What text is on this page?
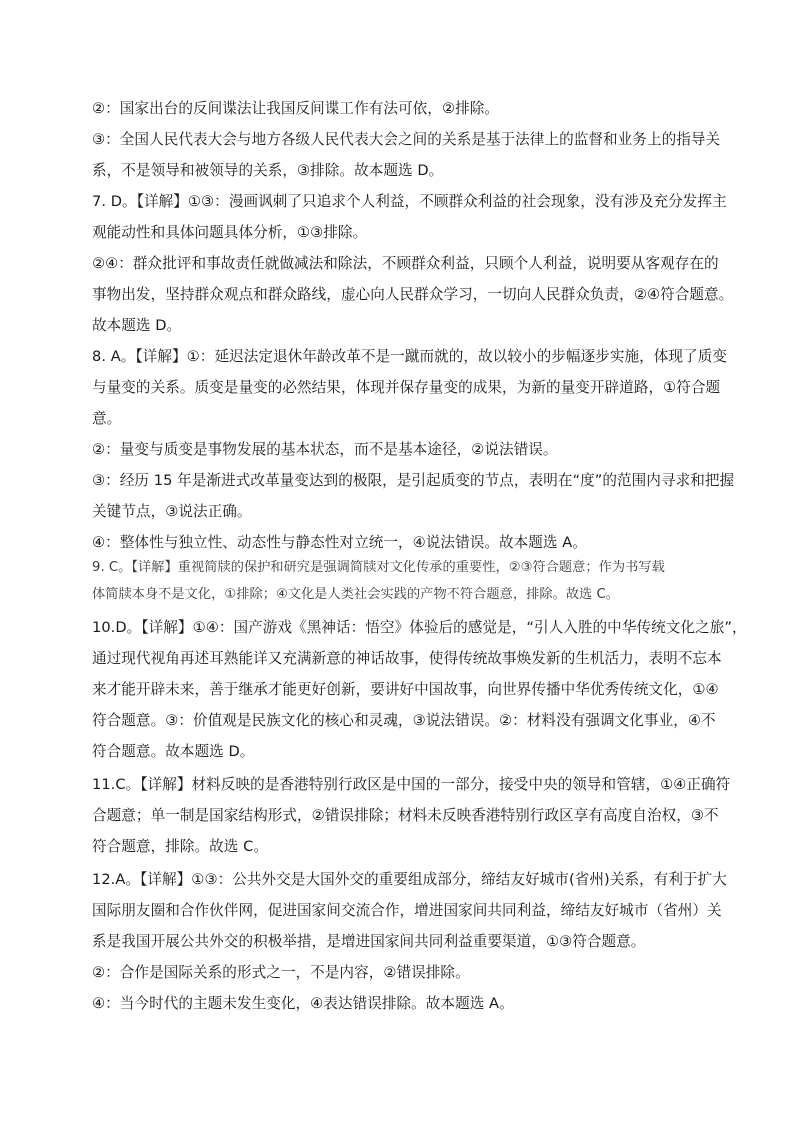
②：国家出台的反间谍法让我国反间谍工作有法可依，②排除。
③：全国人民代表大会与地方各级人民代表大会之间的关系是基于法律上的监督和业务上的指导关
系，不是领导和被领导的关系，③排除。故本题选 D。
7. D。【详解】①③：漫画讽刺了只追求个人利益，不顾群众利益的社会现象，没有涉及充分发挥主
观能动性和具体问题具体分析，①③排除。
②④：群众批评和事故责任就做减法和除法，不顾群众利益，只顾个人利益，说明要从客观存在的
事物出发，坚持群众观点和群众路线，虚心向人民群众学习，一切向人民群众负责，②④符合题意。
故本题选 D。
8. A。【详解】①：延迟法定退休年龄改革不是一蹴而就的，故以较小的步幅逐步实施，体现了质变
与量变的关系。质变是量变的必然结果，体现并保存量变的成果，为新的量变开辟道路，①符合题
意。
②：量变与质变是事物发展的基本状态，而不是基本途径，②说法错误。
③：经历 15 年是渐进式改革量变达到的极限，是引起质变的节点，表明在“度”的范围内寻求和把握
关键节点，③说法正确。
④：整体性与独立性、动态性与静态性对立统一，④说法错误。故本题选 A。
9. C。【详解】重视简牍的保护和研究是强调简牍对文化传承的重要性，②③符合题意；作为书写载
体简牍本身不是文化，①排除；④文化是人类社会实践的产物不符合题意，排除。故选 C。
10.D。【详解】①④：国产游戏《黑神话：悟空》体验后的感觉是，“引人入胜的中华传统文化之旅”，
通过现代视角再述耳熟能详又充满新意的神话故事，使得传统故事焕发新的生机活力，表明不忘本
来才能开辟未来，善于继承才能更好创新，要讲好中国故事，向世界传播中华优秀传统文化，①④
符合题意。③：价值观是民族文化的核心和灵魂，③说法错误。②：材料没有强调文化事业，④不
符合题意。故本题选 D。
11.C。【详解】材料反映的是香港特别行政区是中国的一部分，接受中央的领导和管辖，①④正确符
合题意；单一制是国家结构形式，②错误排除；材料未反映香港特别行政区享有高度自治权，③不
符合题意，排除。故选 C。
12.A。【详解】①③：公共外交是大国外交的重要组成部分，缔结友好城市(省州)关系，有利于扩大
国际朋友圈和合作伙伴网，促进国家间交流合作，增进国家间共同利益，缔结友好城市（省州）关
系是我国开展公共外交的积极举措，是增进国家间共同利益重要渠道，①③符合题意。
②：合作是国际关系的形式之一，不是内容，②错误排除。
④：当今时代的主题未发生变化，④表达错误排除。故本题选 A。
